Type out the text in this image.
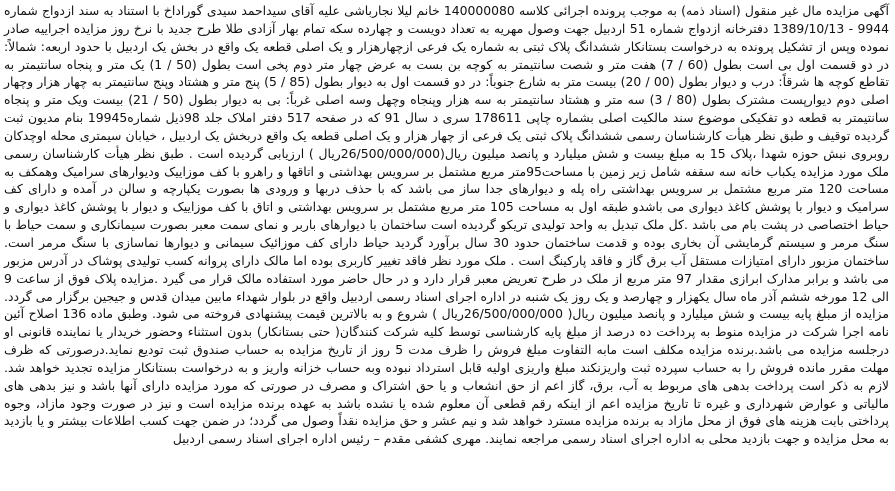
آگهی مزایده مال غیر منقول (اسناد ذمه) به موجب پرونده اجرائی کلاسه 140000080 خانم لیلا نجارباشی علیه آقای سیداحمد سیدی گوراداخ با استناد به سند ازدواج شماره 9944 - 1389/10/13 دفترخانه ازدواج شماره 51 اردبیل جهت وصول مهریه به تعداد دویست و چهارده سکه تمام بهار آزادی طلا طرح جدید با نرخ روز مزایده اجراییه صادر نموده وپس از تشکیل پرونده به درخواست بستانکار ششدانگ پلاک ثبتی به شماره یک فرعی ازچهارهزار و یک اصلی قطعه یک واقع در بخش یک اردبیل با حدود اربعه: شمالاً: در دو قسمت اول بی است بطول (60 / 7) هفت متر و شصت سانتیمتر به کوچه بن بست به عرض چهار متر دوم پخی است بطول (50 / 1) یک متر و پنجاه سانتیمتر به تقاطع کوچه ها شرقاً: درب و دیوار بطول (00 / 20) بیست متر به شارع جنوباً: در دو قسمت اول به دیوار بطول (85 / 5) پنج متر و هشتاد وپنج سانتیمتر به چهار هزار وچهار اصلی دوم دیوارپست مشترک بطول (80 / 3) سه متر و هشتاد سانتیمتر به سه هزار وپنجاه وچهل وسه اصلی غرباً: بی به دیوار بطول (50 / 21) بیست ویک متر و پنجاه سانتیمتر به قطعه دو تفکیکی موضوع سند مالکیت اصلی بشماره چاپی 178611 سری د سال 91 که در صفحه 517 دفتر املاک جلد 98ذیل شماره19945 بنام مدیون ثبت گردیده توقیف و طبق نظر هیأت کارشناسان رسمی ششدانگ پلاک ثبتی یک فرعی از چهار هزار و یک اصلی قطعه یک واقع دربخش یک اردبیل ، خیابان سیمتری محله اوچدکان روبروی نبش حوزه شهدا ،پلاک 15 به مبلغ بیست و شش میلیارد و پانصد میلیون ریال(26/500/000/000ریال ) ارزیابی گردیده است . طبق نظر هیأت کارشناسان رسمی ملک مورد مزایده یکباب خانه سه سقفه شامل زیر زمین با مساحت95متر مربع مشتمل بر سرویس بهداشتی و اتاقها و راهرو با کف موزاییک ودیوارهای سرامیک وهمکف به مساحت 120 متر مربع مشتمل بر سرویس بهداشتی راه پله و دیوارهای جدا ساز می باشد که با حذف دربها و ورودی ها بصورت یکپارچه و سالن در آمده و دارای کف سرامیک و دیوار با پوشش کاغذ دیواری می باشدو طبقه اول به مساحت 105 متر مربع مشتمل بر سرویس بهداشتی و اتاق با کف موزاییک و دیوار با پوشش کاغذ دیواری و حیاط اختصاصی در پشت بام می باشد .کل ملک تبدیل به واحد تولیدی تریکو گردیده است ساختمان با دیوارهای باربر و نمای سمت معبر بصورت سیمانکاری و سمت حیاط با سنگ مرمر و سیستم گرمایشی آن بخاری بوده و قدمت ساختمان حدود 30 سال برآورد گردید حیاط دارای کف موزائیک سیمانی و دیوارها نماسازی با سنگ مرمر است. ساختمان مزبور دارای امتیازات مستقل آب برق گاز و فاقد پارکینگ است . ملک مورد نظر فاقد تغییر کاربری بوده اما مالک دارای پروانه کسب تولیدی پوشاک در آدرس مزبور می باشد و برابر مدارک ابرازی مقدار 97 متر مربع از ملک در طرح تعریض معبر قرار دارد و در حال حاضر مورد استفاده مالک قرار می گیرد .مزایده پلاک فوق از ساعت 9 الی 12 مورخه ششم آذر ماه سال یکهزار و چهارصد و یک روز یک شنبه در اداره اجرای اسناد رسمی اردبیل واقع در بلوار شهداء مابین میدان قدس و جیجین برگزار می گردد. مزایده از مبلغ پایه بیست و شش میلیارد و پانصد میلیون ریال( 26/500/000/000ریال ) شروع و به بالاترین قیمت پیشنهادی فروخته می شود. وطبق ماده 136 اصلاح آئین نامه اجرا شرکت در مزایده منوط به پرداخت ده درصد از مبلغ پایه کارشناسی توسط کلیه شرکت کنندگان( حتی بستانکار) بدون استثناء وحضور خریدار یا نماینده قانونی او درجلسه مزایده می باشد.برنده مزایده مکلف است مابه التفاوت مبلغ فروش را ظرف مدت 5 روز از تاریخ مزایده به حساب صندوق ثبت تودیع نماید.درصورتی که ظرف مهلت مقرر مانده فروش را به حساب سپرده ثبت واریزنکند مبلغ واریزی اولیه قابل استرداد نبوده وبه حساب خزانه واریز و به درخواست بستانکار مزایده تجدید خواهد شد. لازم به ذکر است پرداخت بدهی های مربوط به آب، برق، گاز اعم از حق انشعاب و یا حق اشتراک و مصرف در صورتی که مورد مزایده دارای آنها باشد و نیز بدهی های مالیاتی و عوارض شهرداری و غیره تا تاریخ مزایده اعم از اینکه رقم قطعی آن معلوم شده یا نشده باشد به عهده برنده مزایده است و نیز در صورت وجود مازاد، وجوه پرداختی بابت هزینه های فوق از محل مازاد به برنده مزایده مسترد خواهد شد و نیم عشر و حق مزایده نقداً وصول می گردد؛ در ضمن جهت کسب اطلاعات بیشتر و یا بازدید به محل مزایده و جهت بازدید محلی به اداره اجرای اسناد رسمی مراجعه نمایند. مهری کشفی مقدم – رئیس اداره اجرای اسناد رسمی اردبیل
